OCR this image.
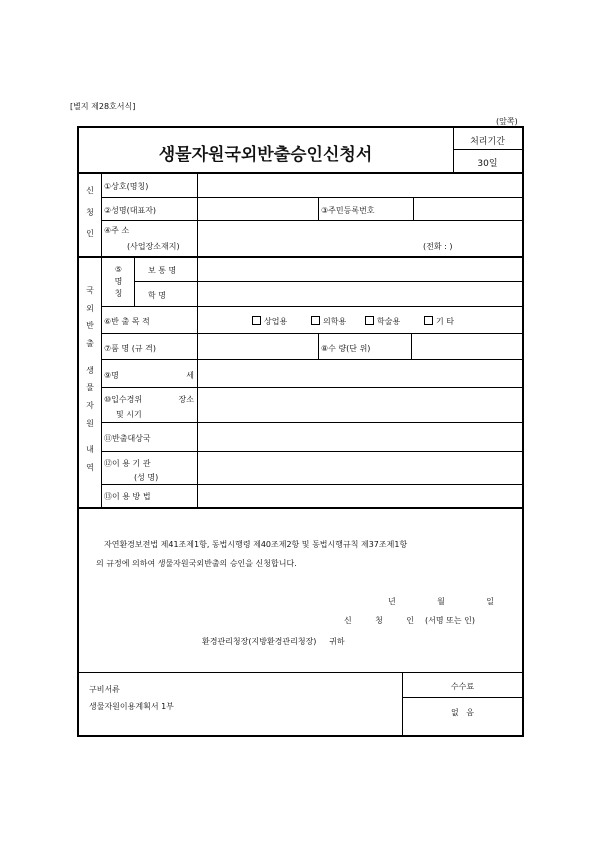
[별지 제28호서식]
(앞쪽)
생물자원국외반출승인신청서
처리기간
30일
신
청
인
①상호(명칭)
②성명(대표자)	③주민등록번호
④주 소
(사업장소재지)	(전화 : )
국
외
반
출
생
물
자
원
내
역
⑤
명
칭
보 통 명
학 명
⑥반 출 목 적	상업용	의학용	학술용	기 타
⑦품 명 (규 격)	⑧수 량(단 위)
⑨명	세
⑩입수경위	장소
및 시기
⑪반출대상국
⑫이 용 기 관
(성 명)
⑬이 용 방 법
자연환경보전법 제41조제1항, 동법시행령 제40조제2항 및 동법시행규칙 제37조제1항
의 규정에 의하여 생물자원국외반출의 승인을 신청합니다.
년	월	일
신	청	인 (서명 또는 인)
환경관리청장(지방환경관리청장)     귀하
구비서류
생물자원이용계획서 1부
수수료
없   음
